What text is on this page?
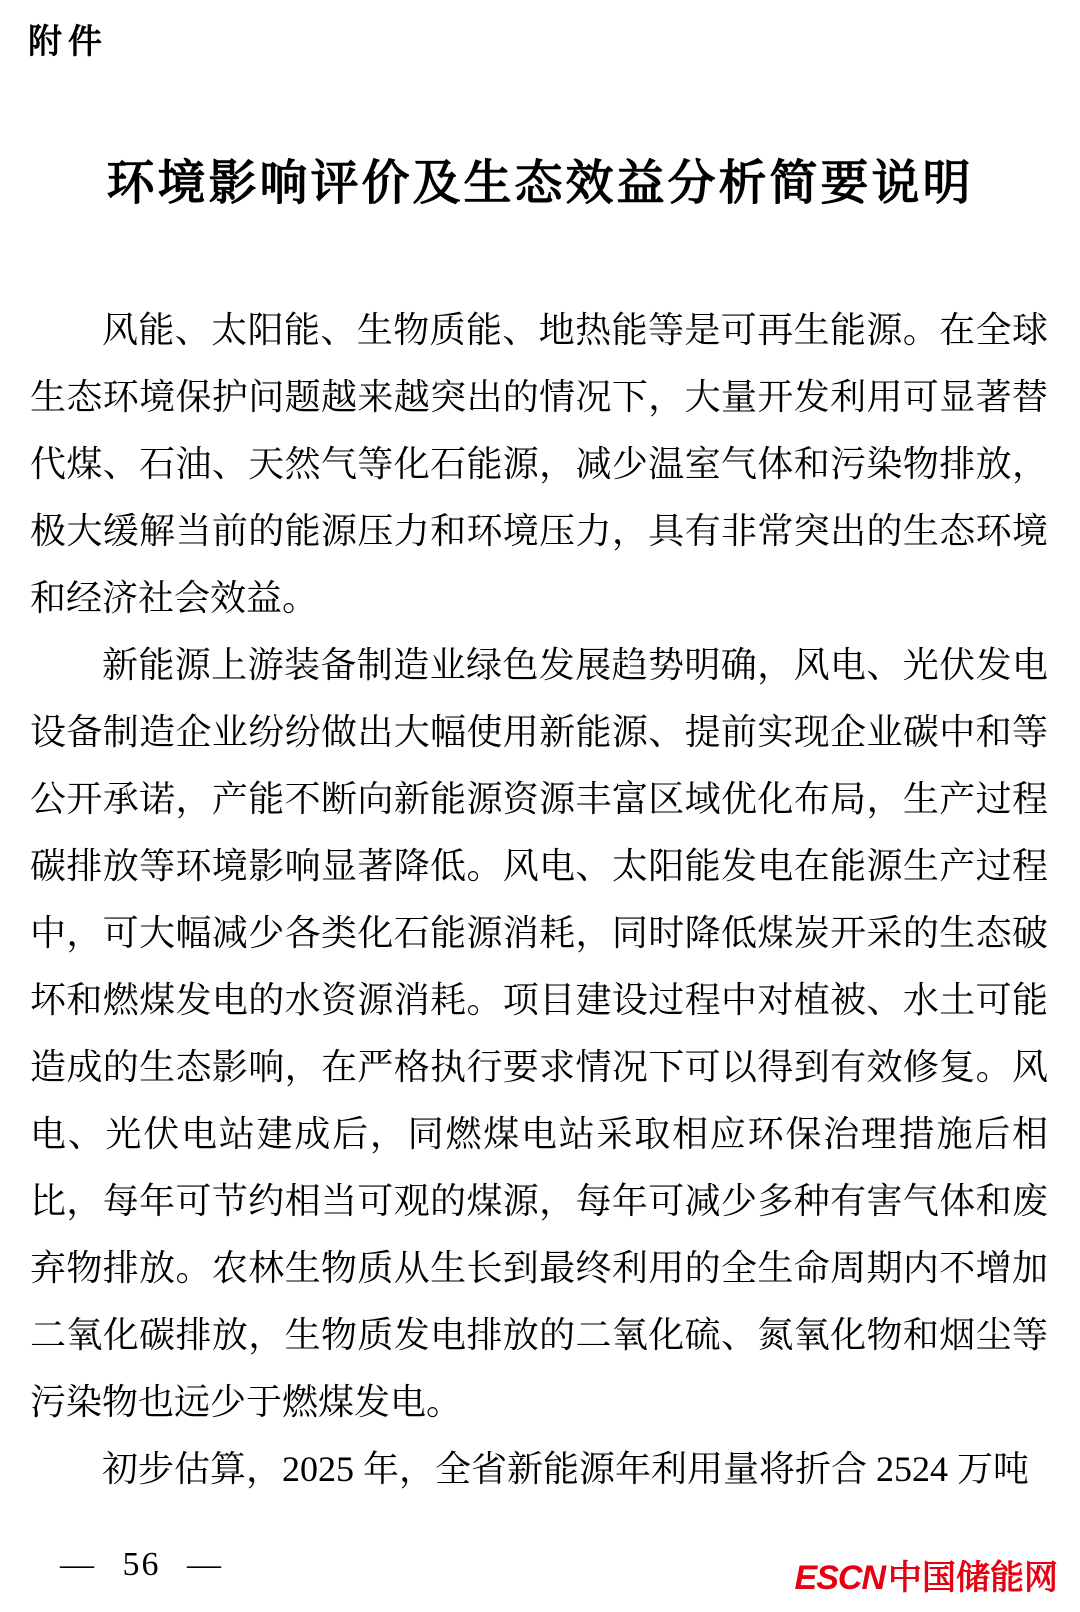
附件
环境影响评价及生态效益分析简要说明

风能、太阳能、生物质能、地热能等是可再生能源。在全球生态环境保护问题越来越突出的情况下，大量开发利用可显著替代煤、石油、天然气等化石能源，减少温室气体和污染物排放，极大缓解当前的能源压力和环境压力，具有非常突出的生态环境和经济社会效益。

新能源上游装备制造业绿色发展趋势明确，风电、光伏发电设备制造企业纷纷做出大幅使用新能源、提前实现企业碳中和等公开承诺，产能不断向新能源资源丰富区域优化布局，生产过程碳排放等环境影响显著降低。风电、太阳能发电在能源生产过程中，可大幅减少各类化石能源消耗，同时降低煤炭开采的生态破坏和燃煤发电的水资源消耗。项目建设过程中对植被、水土可能造成的生态影响，在严格执行要求情况下可以得到有效修复。风电、光伏电站建成后，同燃煤电站采取相应环保治理措施后相比，每年可节约相当可观的煤源，每年可减少多种有害气体和废弃物排放。农林生物质从生长到最终利用的全生命周期内不增加二氧化碳排放，生物质发电排放的二氧化硫、氮氧化物和烟尘等污染物也远少于燃煤发电。

初步估算，2025 年，全省新能源年利用量将折合 2524 万吨

— 56 —	ESCN中国储能网
